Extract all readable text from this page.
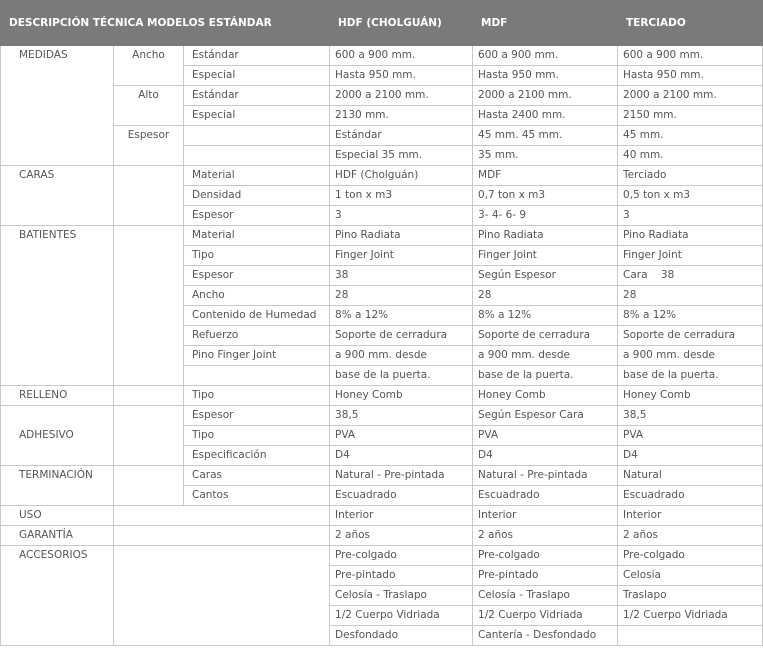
DESCRIPCIÓN TÉCNICA MODELOS ESTÁNDAR			HDF (CHOLGUÁN)	MDF	TERCIADO
MEDIDAS	Ancho	Estándar	600 a 900 mm.	600 a 900 mm.	600 a 900 mm.
		Especial	Hasta 950 mm.	Hasta 950 mm.	Hasta 950 mm.
	Alto	Estándar	2000 a 2100 mm.	2000 a 2100 mm.	2000 a 2100 mm.
		Especial	2130 mm.	Hasta 2400 mm.	2150 mm.
	Espesor		Estándar	45 mm. 45 mm.	45 mm.
			Especial 35 mm.	35 mm.	40 mm.
CARAS		Material	HDF (Cholguán)	MDF	Terciado
		Densidad	1 ton x m3	0,7 ton x m3	0,5 ton x m3
		Espesor	3	3- 4- 6- 9	3
BATIENTES		Material	Pino Radiata	Pino Radiata	Pino Radiata
		Tipo	Finger Joint	Finger Joint	Finger Joint
		Espesor	38	Según Espesor	Cara    38
		Ancho	28	28	28
		Contenido de Humedad	8% a 12%	8% a 12%	8% a 12%
		Refuerzo	Soporte de cerradura	Soporte de cerradura	Soporte de cerradura
		Pino Finger Joint	a 900 mm. desde	a 900 mm. desde	a 900 mm. desde
			base de la puerta.	base de la puerta.	base de la puerta.
RELLENO		Tipo	Honey Comb	Honey Comb	Honey Comb
ADHESIVO		Espesor	38,5	Según Espesor Cara	38,5
		Tipo	PVA	PVA	PVA
		Especificación	D4	D4	D4
TERMINACIÓN		Caras	Natural - Pre-pintada	Natural - Pre-pintada	Natural
		Cantos	Escuadrado	Escuadrado	Escuadrado
USO			Interior	Interior	Interior
GARANTÍA			2 años	2 años	2 años
ACCESORIOS			Pre-colgado	Pre-colgado	Pre-colgado
			Pre-pintado	Pre-pintado	Celosía
			Celosía - Traslapo	Celosía - Traslapo	Traslapo
			1/2 Cuerpo Vidriada	1/2 Cuerpo Vidriada	1/2 Cuerpo Vidriada
			Desfondado	Cantería - Desfondado	
